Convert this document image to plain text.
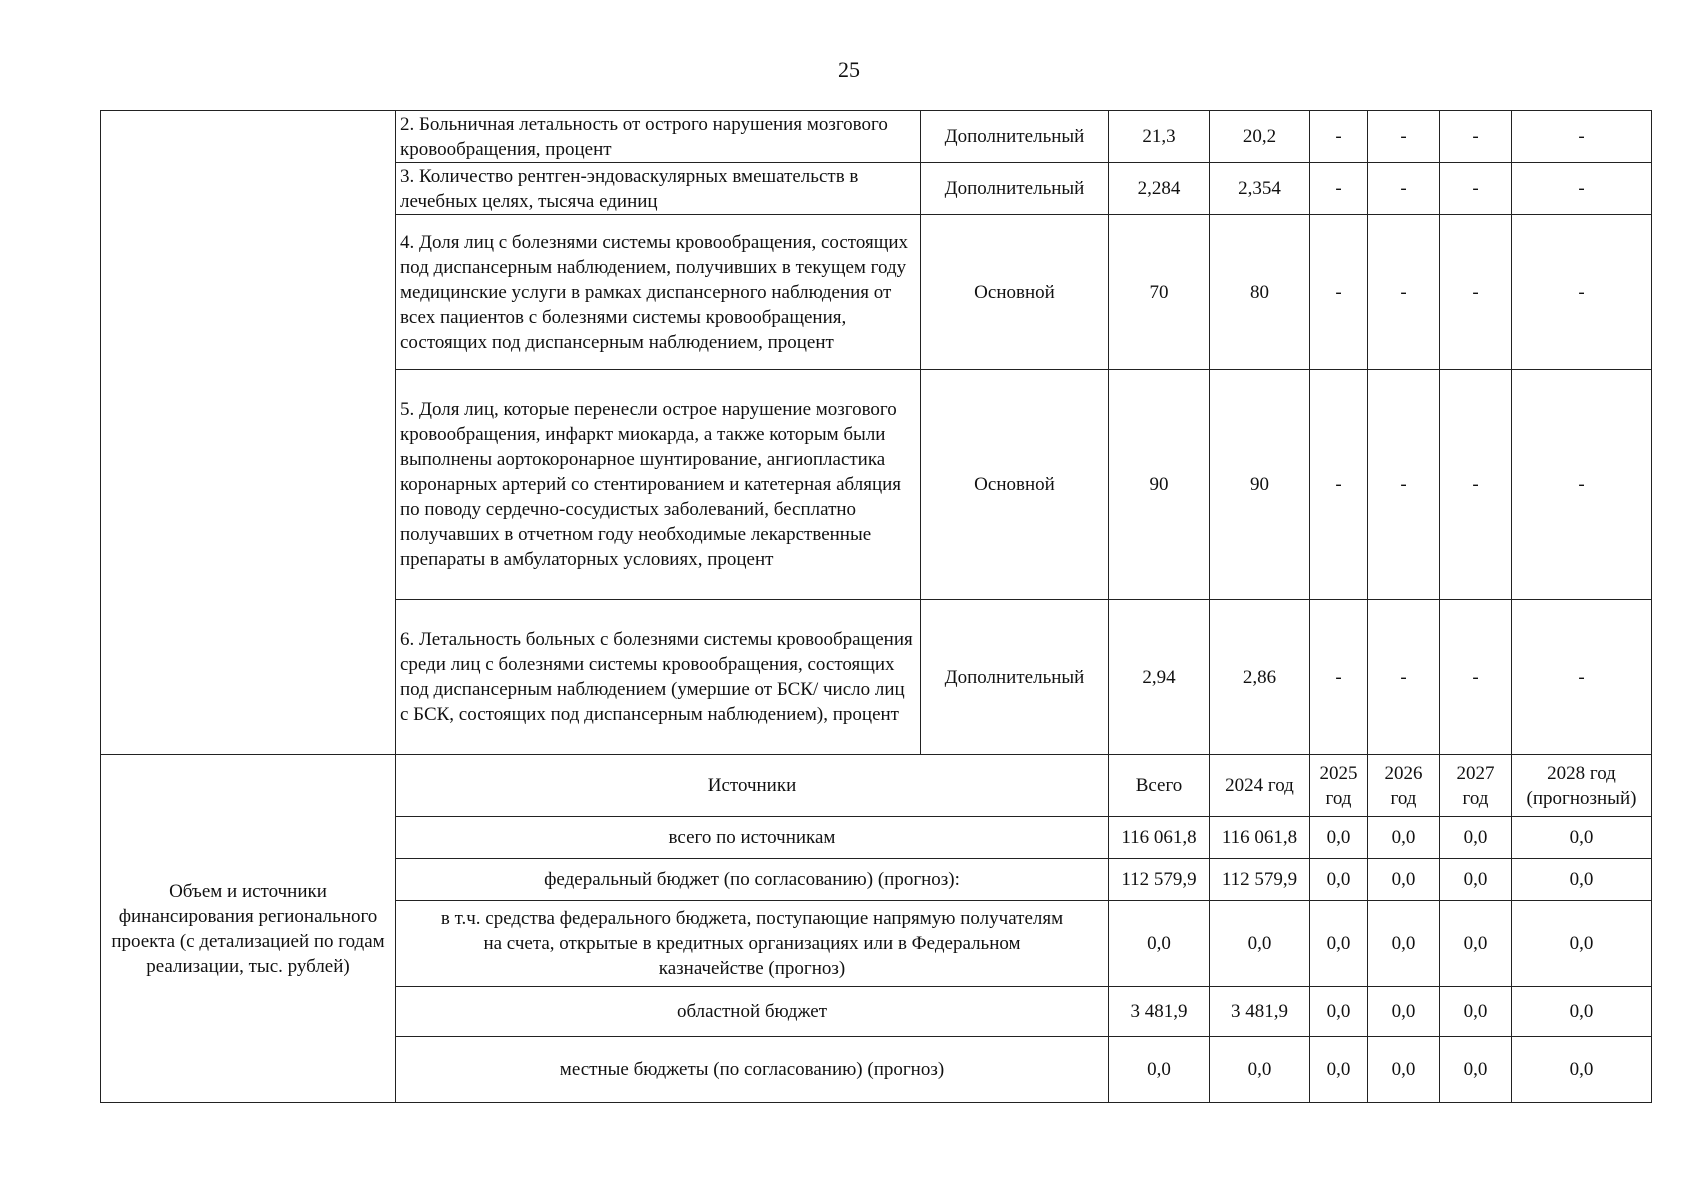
25
	2. Больничная летальность от острого нарушения мозгового кровообращения, процент	Дополнительный	21,3	20,2	-	-	-	-
	3. Количество рентген-эндоваскулярных вмешательств в лечебных целях, тысяча единиц	Дополнительный	2,284	2,354	-	-	-	-
	4. Доля лиц с болезнями системы кровообращения, состоящих под диспансерным наблюдением, получивших в текущем году медицинские услуги в рамках диспансерного наблюдения от всех пациентов с болезнями системы кровообращения, состоящих под диспансерным наблюдением, процент	Основной	70	80	-	-	-	-
	5. Доля лиц, которые перенесли острое нарушение мозгового кровообращения, инфаркт миокарда, а также которым были выполнены аортокоронарное шунтирование, ангиопластика коронарных артерий со стентированием и катетерная абляция по поводу сердечно-сосудистых заболеваний, бесплатно получавших в отчетном году необходимые лекарственные препараты в амбулаторных условиях, процент	Основной	90	90	-	-	-	-
	6. Летальность больных с болезнями системы кровообращения среди лиц с болезнями системы кровообращения, состоящих под диспансерным наблюдением (умершие от БСК/ число лиц с БСК, состоящих под диспансерным наблюдением), процент	Дополнительный	2,94	2,86	-	-	-	-
Объем и источники финансирования регионального проекта (с детализацией по годам реализации, тыс. рублей)	Источники		Всего	2024 год	2025 год	2026 год	2027 год	2028 год (прогнозный)
	всего по источникам		116 061,8	116 061,8	0,0	0,0	0,0	0,0
	федеральный бюджет (по согласованию) (прогноз):		112 579,9	112 579,9	0,0	0,0	0,0	0,0
	в т.ч. средства федерального бюджета, поступающие напрямую получателям на счета, открытые в кредитных организациях или в Федеральном казначействе (прогноз)		0,0	0,0	0,0	0,0	0,0	0,0
	областной бюджет		3 481,9	3 481,9	0,0	0,0	0,0	0,0
	местные бюджеты (по согласованию) (прогноз)		0,0	0,0	0,0	0,0	0,0	0,0
